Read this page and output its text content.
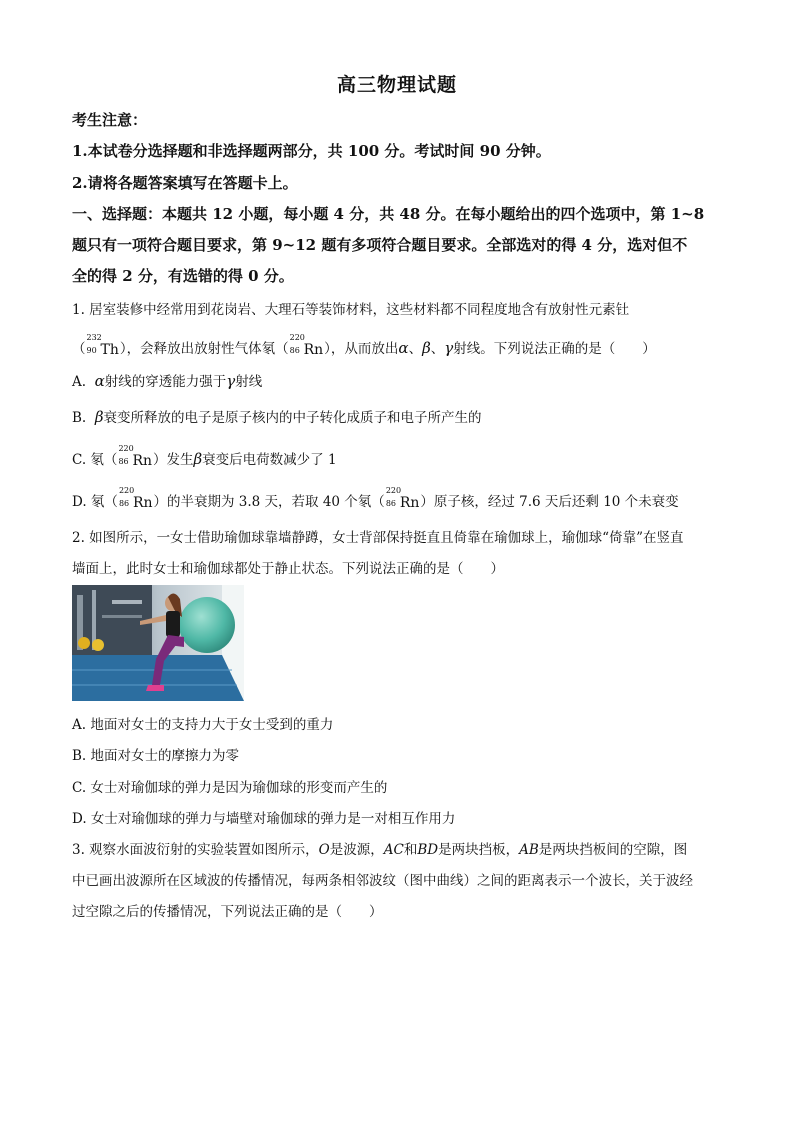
高三物理试题
考生注意：
1.本试卷分选择题和非选择题两部分，共 100 分。考试时间 90 分钟。
2.请将各题答案填写在答题卡上。
一、选择题：本题共 12 小题，每小题 4 分，共 48 分。在每小题给出的四个选项中，第 1~8
题只有一项符合题目要求，第 9~12 题有多项符合题目要求。全部选对的得 4 分，选对但不
全的得 2 分，有选错的得 0 分。
1. 居室装修中经常用到花岗岩、大理石等装饰材料，这些材料都不同程度地含有放射性元素钍
（
232
90 Th），会释放出放射性气体氡（
220
86 Rn），从而放出α、β、γ射线。下列说法正确的是（　　）
A. α射线的穿透能力强于γ射线
B. β衰变所释放的电子是原子核内的中子转化成质子和电子所产生的
C. 氡（
220
86 Rn）发生β衰变后电荷数减少了 1
D. 氡（
220
86 Rn）的半衰期为 3.8 天，若取 40 个氡（
220
86 Rn）原子核，经过 7.6 天后还剩 10 个未衰变
2. 如图所示，一女士借助瑜伽球靠墙静蹲，女士背部保持挺直且倚靠在瑜伽球上，瑜伽球“倚靠”在竖直
墙面上，此时女士和瑜伽球都处于静止状态。下列说法正确的是（　　）
A. 地面对女士的支持力大于女士受到的重力
B. 地面对女士的摩擦力为零
C. 女士对瑜伽球的弹力是因为瑜伽球的形变而产生的
D. 女士对瑜伽球的弹力与墙壁对瑜伽球的弹力是一对相互作用力
3. 观察水面波衍射的实验装置如图所示，O是波源，AC和BD是两块挡板，AB是两块挡板间的空隙，图
中已画出波源所在区域波的传播情况，每两条相邻波纹（图中曲线）之间的距离表示一个波长，关于波经
过空隙之后的传播情况，下列说法正确的是（　　）
